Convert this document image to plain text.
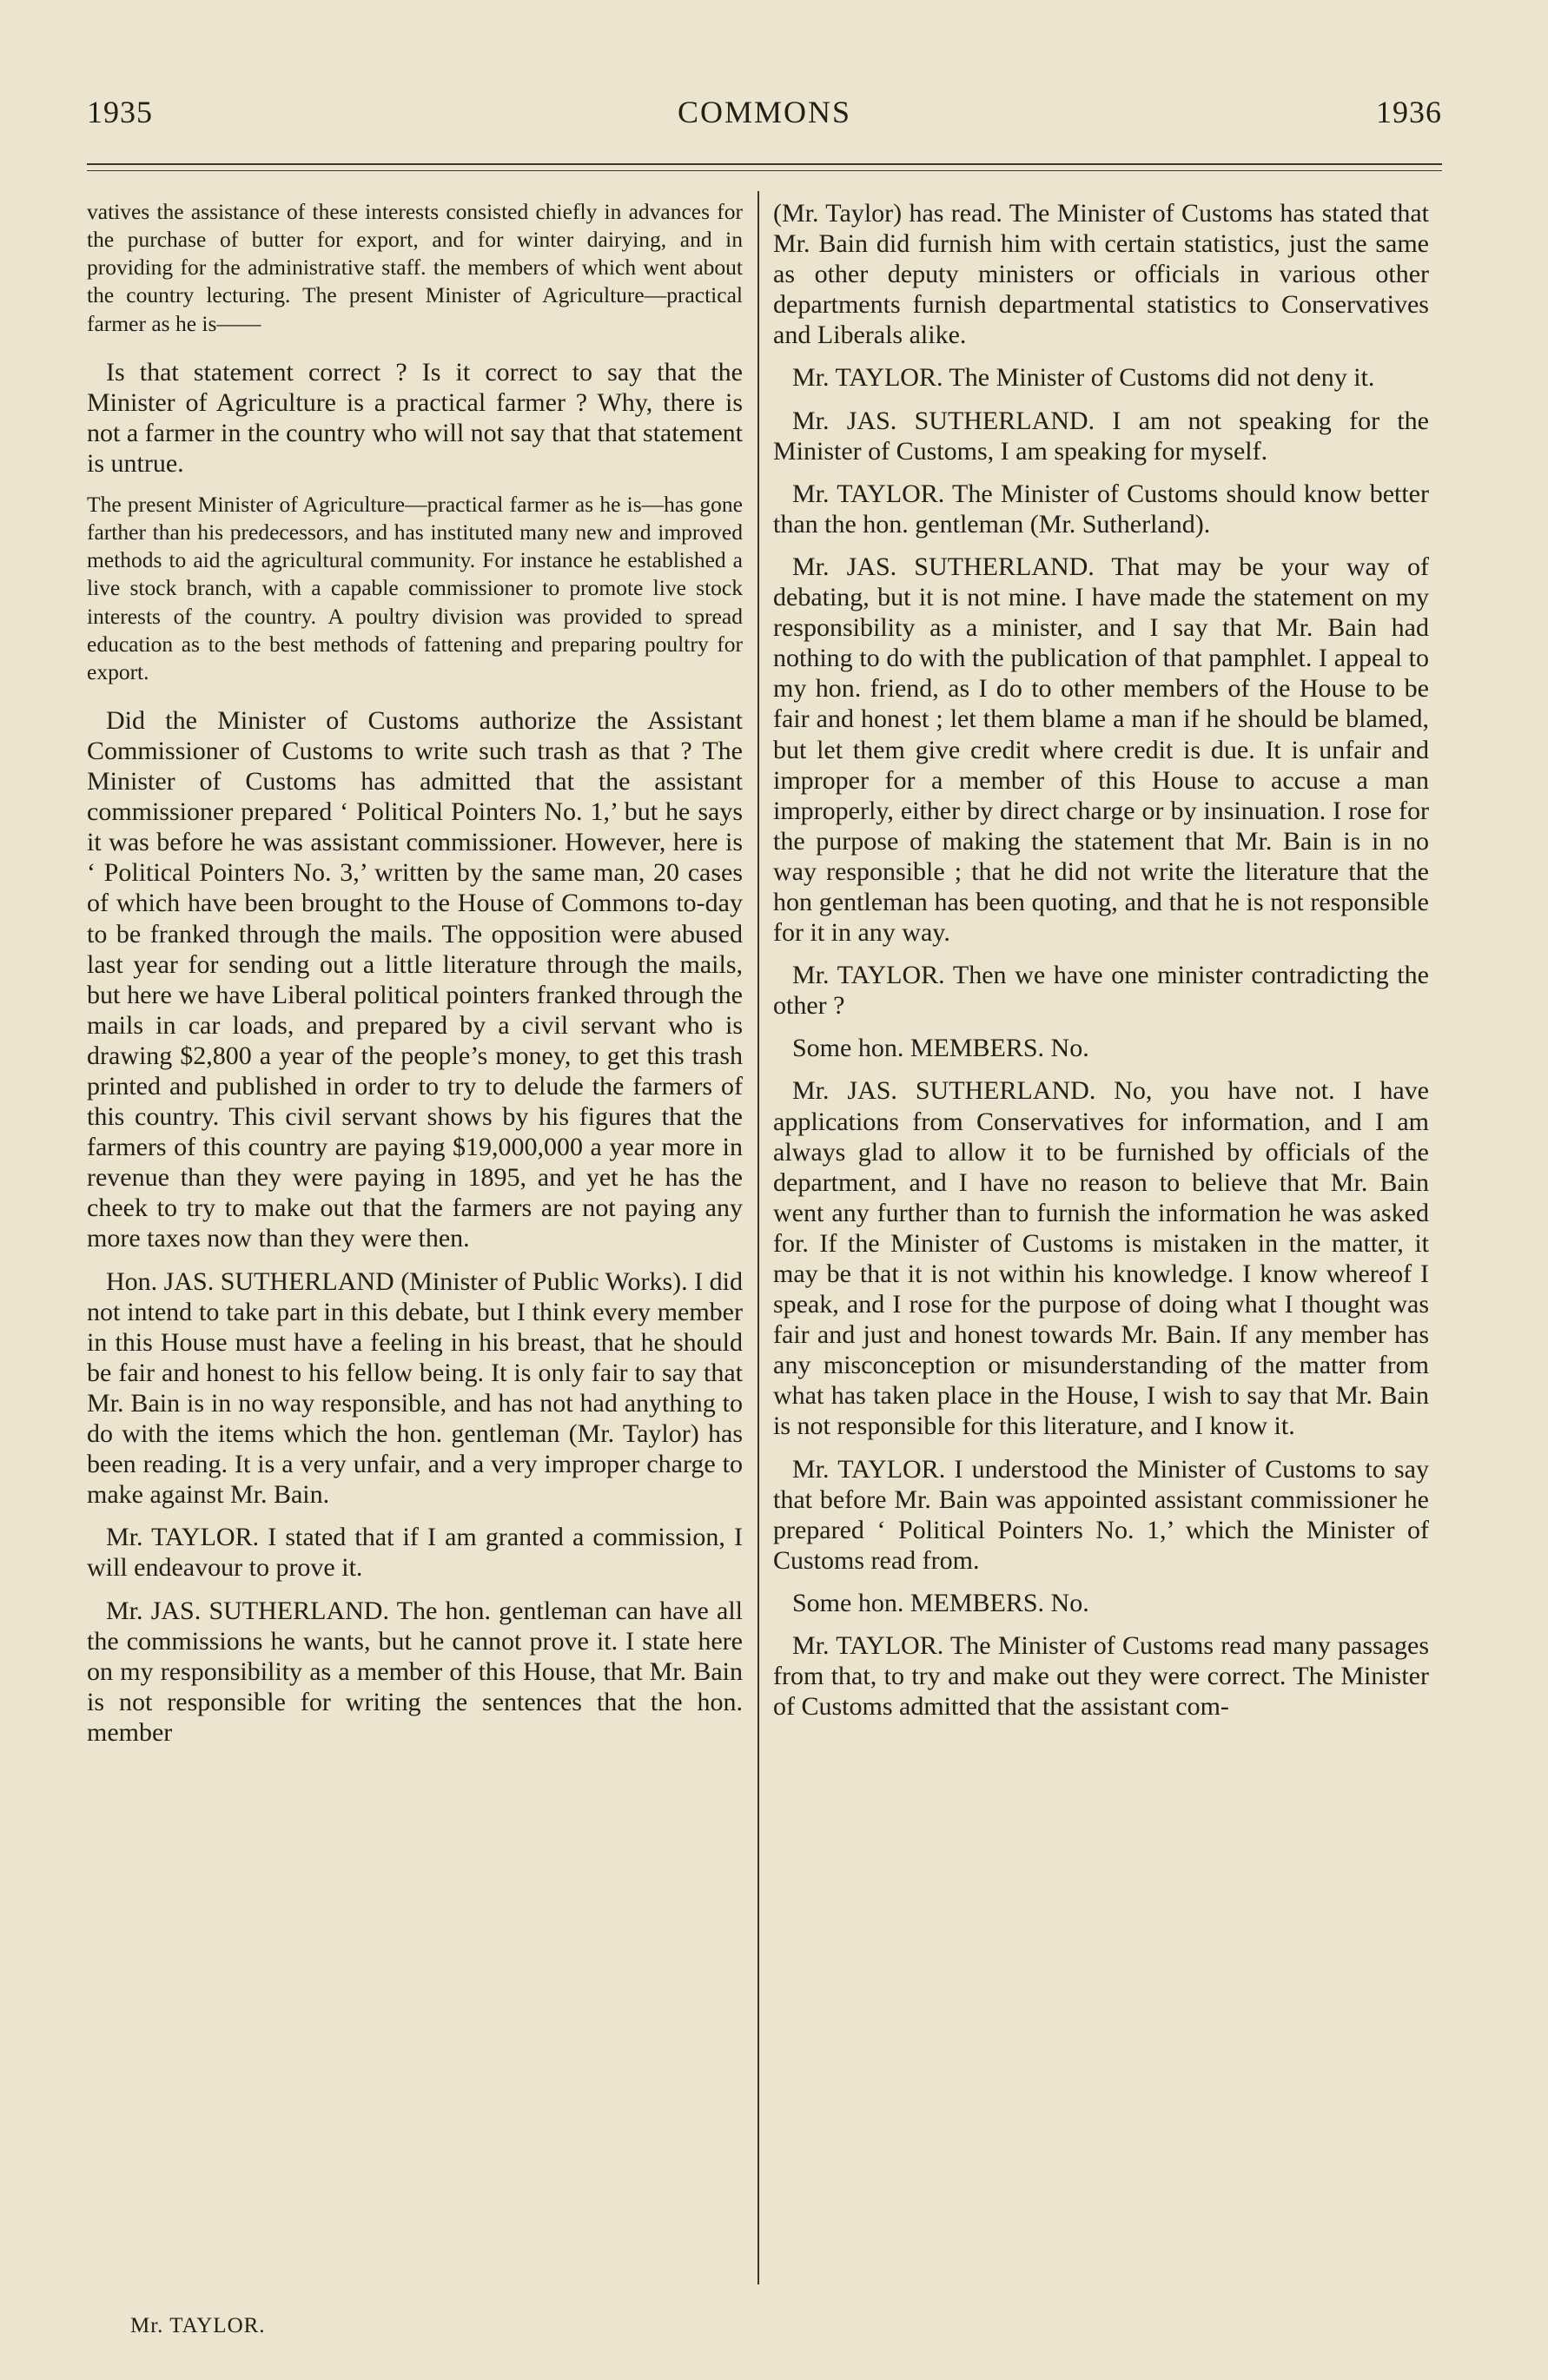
COMMONS
1935	1936

vatives the assistance of these interests consisted chiefly in advances for the purchase of butter for export, and for winter dairying, and in providing for the administrative staff. the members of which went about the country lecturing. The present Minister of Agriculture—practical farmer as he is——

Is that statement correct ? Is it correct to say that the Minister of Agriculture is a practical farmer ? Why, there is not a farmer in the country who will not say that that statement is untrue.

The present Minister of Agriculture—practical farmer as he is—has gone farther than his predecessors, and has instituted many new and improved methods to aid the agricultural community. For instance he established a live stock branch, with a capable commissioner to promote live stock interests of the country. A poultry division was provided to spread education as to the best methods of fattening and preparing poultry for export.

Did the Minister of Customs authorize the Assistant Commissioner of Customs to write such trash as that ? The Minister of Customs has admitted that the assistant commissioner prepared ‘ Political Pointers No. 1,’ but he says it was before he was assistant commissioner. However, here is ‘ Political Pointers No. 3,’ written by the same man, 20 cases of which have been brought to the House of Commons to-day to be franked through the mails. The opposition were abused last year for sending out a little literature through the mails, but here we have Liberal political pointers franked through the mails in car loads, and prepared by a civil servant who is drawing $2,800 a year of the people’s money, to get this trash printed and published in order to try to delude the farmers of this country. This civil servant shows by his figures that the farmers of this country are paying $19,000,000 a year more in revenue than they were paying in 1895, and yet he has the cheek to try to make out that the farmers are not paying any more taxes now than they were then.

Hon. JAS. SUTHERLAND (Minister of Public Works). I did not intend to take part in this debate, but I think every member in this House must have a feeling in his breast, that he should be fair and honest to his fellow being. It is only fair to say that Mr. Bain is in no way responsible, and has not had anything to do with the items which the hon. gentleman (Mr. Taylor) has been reading. It is a very unfair, and a very improper charge to make against Mr. Bain.

Mr. TAYLOR. I stated that if I am granted a commission, I will endeavour to prove it.

Mr. JAS. SUTHERLAND. The hon. gentleman can have all the commissions he wants, but he cannot prove it. I state here on my responsibility as a member of this House, that Mr. Bain is not responsible for writing the sentences that the hon. member

(Mr. Taylor) has read. The Minister of Customs has stated that Mr. Bain did furnish him with certain statistics, just the same as other deputy ministers or officials in various other departments furnish departmental statistics to Conservatives and Liberals alike.

Mr. TAYLOR. The Minister of Customs did not deny it.

Mr. JAS. SUTHERLAND. I am not speaking for the Minister of Customs, I am speaking for myself.

Mr. TAYLOR. The Minister of Customs should know better than the hon. gentleman (Mr. Sutherland).

Mr. JAS. SUTHERLAND. That may be your way of debating, but it is not mine. I have made the statement on my responsibility as a minister, and I say that Mr. Bain had nothing to do with the publication of that pamphlet. I appeal to my hon. friend, as I do to other members of the House to be fair and honest ; let them blame a man if he should be blamed, but let them give credit where credit is due. It is unfair and improper for a member of this House to accuse a man improperly, either by direct charge or by insinuation. I rose for the purpose of making the statement that Mr. Bain is in no way responsible ; that he did not write the literature that the hon gentleman has been quoting, and that he is not responsible for it in any way.

Mr. TAYLOR. Then we have one minister contradicting the other ?

Some hon. MEMBERS. No.

Mr. JAS. SUTHERLAND. No, you have not. I have applications from Conservatives for information, and I am always glad to allow it to be furnished by officials of the department, and I have no reason to believe that Mr. Bain went any further than to furnish the information he was asked for. If the Minister of Customs is mistaken in the matter, it may be that it is not within his knowledge. I know whereof I speak, and I rose for the purpose of doing what I thought was fair and just and honest towards Mr. Bain. If any member has any misconception or misunderstanding of the matter from what has taken place in the House, I wish to say that Mr. Bain is not responsible for this literature, and I know it.

Mr. TAYLOR. I understood the Minister of Customs to say that before Mr. Bain was appointed assistant commissioner he prepared ‘ Political Pointers No. 1,’ which the Minister of Customs read from.

Some hon. MEMBERS. No.

Mr. TAYLOR. The Minister of Customs read many passages from that, to try and make out they were correct. The Minister of Customs admitted that the assistant com-

Mr. TAYLOR.
